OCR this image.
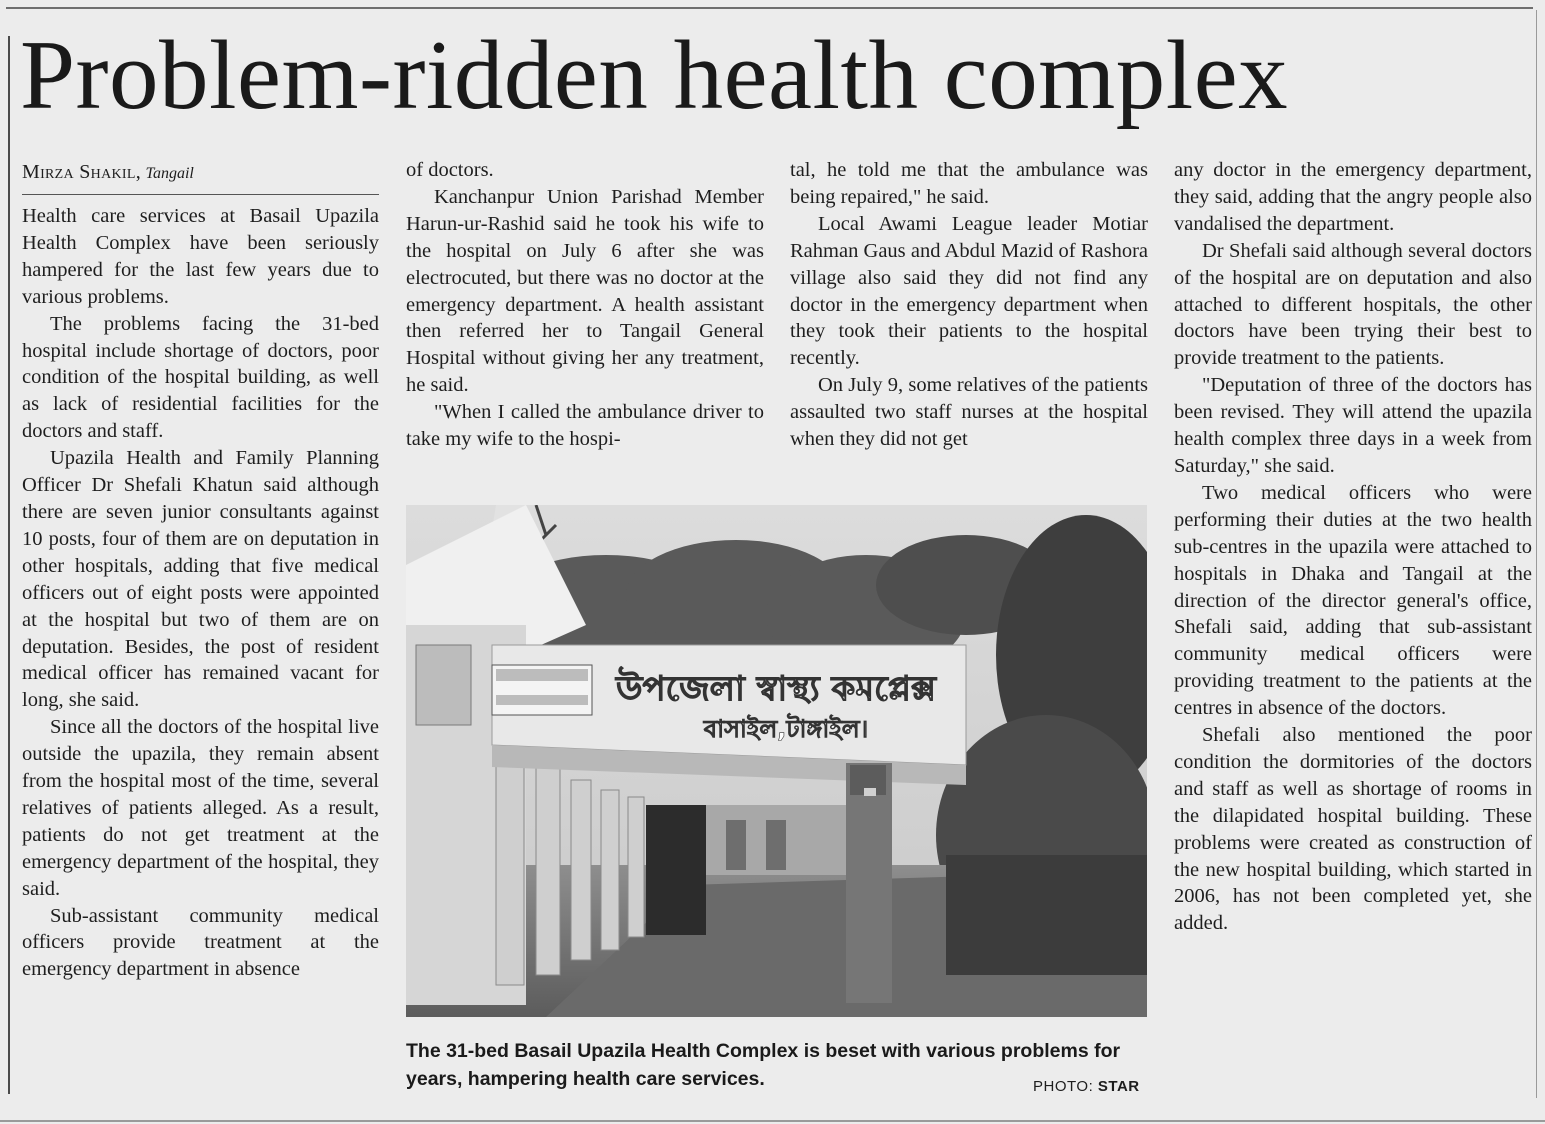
Problem-ridden health complex
Mirza Shakil, Tangail

Health care services at Basail Upazila Health Complex have been seriously hampered for the last few years due to various problems.

The problems facing the 31-bed hospital include shortage of doctors, poor condition of the hospital building, as well as lack of residential facilities for the doctors and staff.

Upazila Health and Family Planning Officer Dr Shefali Khatun said although there are seven junior consultants against 10 posts, four of them are on deputation in other hospitals, adding that five medical officers out of eight posts were appointed at the hospital but two of them are on deputation. Besides, the post of resident medical officer has remained vacant for long, she said.

Since all the doctors of the hospital live outside the upazila, they remain absent from the hospital most of the time, several relatives of patients alleged. As a result, patients do not get treatment at the emergency department of the hospital, they said.

Sub-assistant community medical officers provide treatment at the emergency department in absence

of doctors.

Kanchanpur Union Parishad Member Harun-ur-Rashid said he took his wife to the hospital on July 6 after she was electrocuted, but there was no doctor at the emergency department. A health assistant then referred her to Tangail General Hospital without giving her any treatment, he said.

"When I called the ambulance driver to take my wife to the hospi-

tal, he told me that the ambulance was being repaired," he said.

Local Awami League leader Motiar Rahman Gaus and Abdul Mazid of Rashora village also said they did not find any doctor in the emergency department when they took their patients to the hospital recently.

On July 9, some relatives of the patients assaulted two staff nurses at the hospital when they did not get

any doctor in the emergency department, they said, adding that the angry people also vandalised the department.

Dr Shefali said although several doctors of the hospital are on deputation and also attached to different hospitals, the other doctors have been trying their best to provide treatment to the patients.

"Deputation of three of the doctors has been revised. They will attend the upazila health complex three days in a week from Saturday," she said.

Two medical officers who were performing their duties at the two health sub-centres in the upazila were attached to hospitals in Dhaka and Tangail at the direction of the director general's office, Shefali said, adding that sub-assistant community medical officers were providing treatment to the patients at the centres in absence of the doctors.

Shefali also mentioned the poor condition the dormitories of the doctors and staff as well as shortage of rooms in the dilapidated hospital building. These problems were created as construction of the new hospital building, which started in 2006, has not been completed yet, she added.

উপজেলা স্বাস্থ্য কমপ্লেক্স
বাসাইল,টাঙ্গাইল।
The 31-bed Basail Upazila Health Complex is beset with various problems for years, hampering health care services.	PHOTO: STAR
